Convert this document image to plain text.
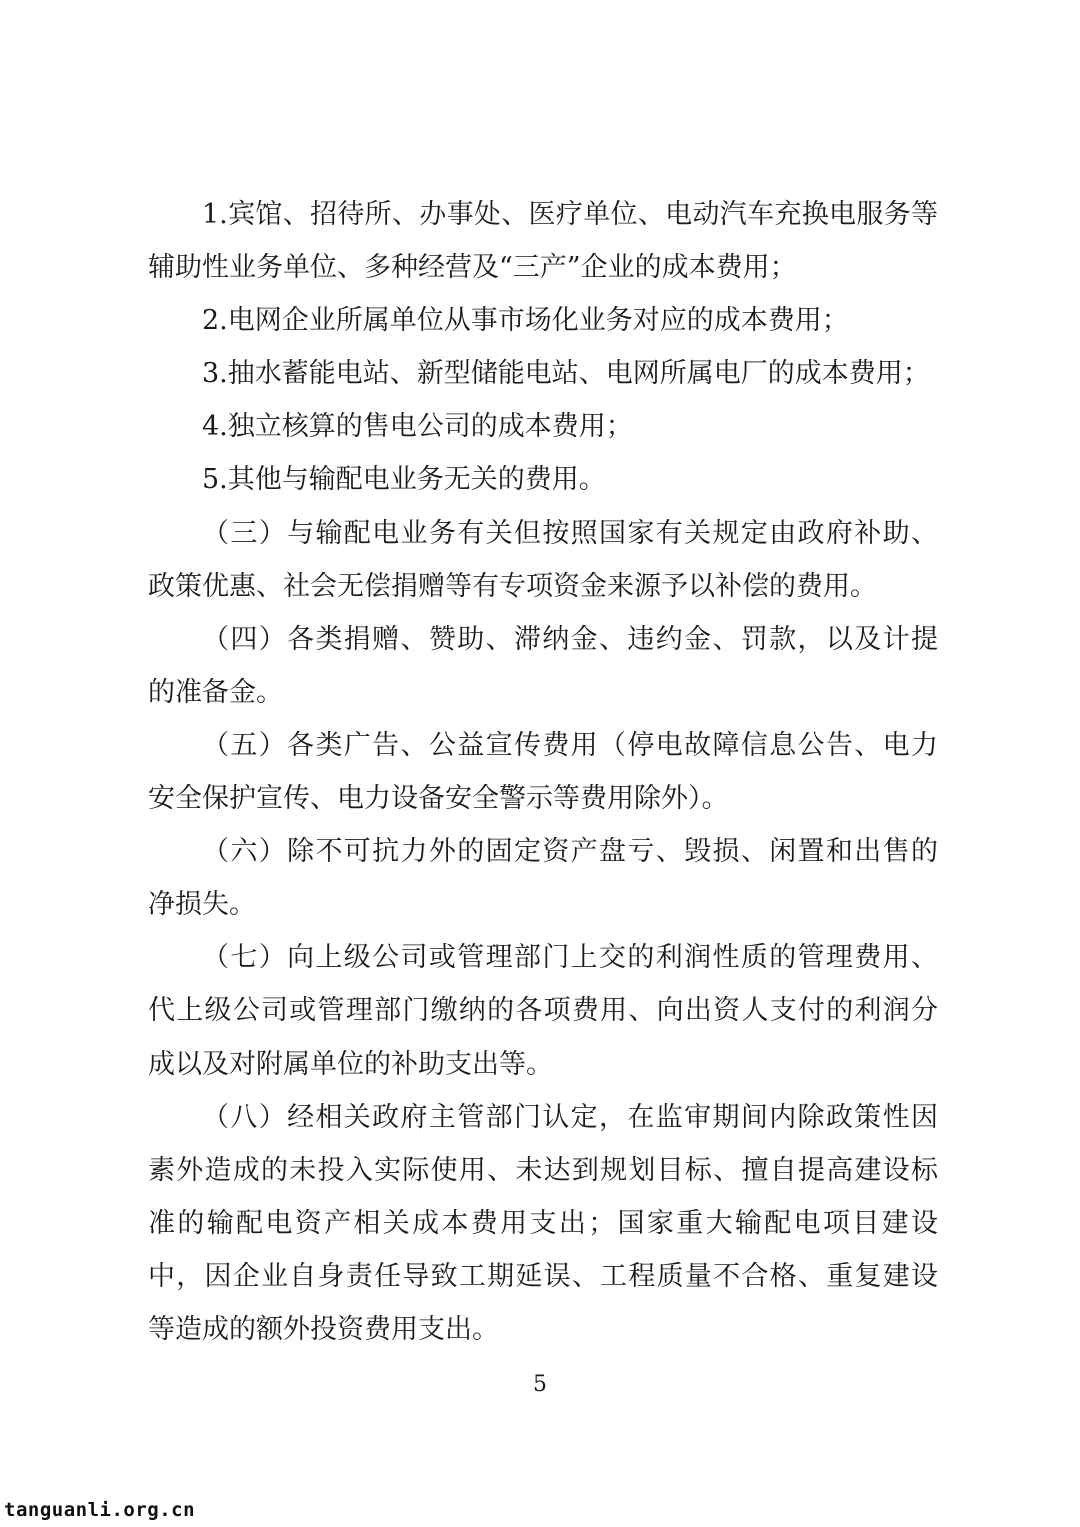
1.宾馆、招待所、办事处、医疗单位、电动汽车充换电服务等
辅助性业务单位、多种经营及“三产”企业的成本费用；
2.电网企业所属单位从事市场化业务对应的成本费用；
3.抽水蓄能电站、新型储能电站、电网所属电厂的成本费用；
4.独立核算的售电公司的成本费用；
5.其他与输配电业务无关的费用。
（三）与输配电业务有关但按照国家有关规定由政府补助、
政策优惠、社会无偿捐赠等有专项资金来源予以补偿的费用。
（四）各类捐赠、赞助、滞纳金、违约金、罚款，以及计提
的准备金。
（五）各类广告、公益宣传费用（停电故障信息公告、电力
安全保护宣传、电力设备安全警示等费用除外）。
（六）除不可抗力外的固定资产盘亏、毁损、闲置和出售的
净损失。
（七）向上级公司或管理部门上交的利润性质的管理费用、
代上级公司或管理部门缴纳的各项费用、向出资人支付的利润分
成以及对附属单位的补助支出等。
（八）经相关政府主管部门认定，在监审期间内除政策性因
素外造成的未投入实际使用、未达到规划目标、擅自提高建设标
准的输配电资产相关成本费用支出；国家重大输配电项目建设
中，因企业自身责任导致工期延误、工程质量不合格、重复建设
等造成的额外投资费用支出。
5
tanguanli.org.cn
